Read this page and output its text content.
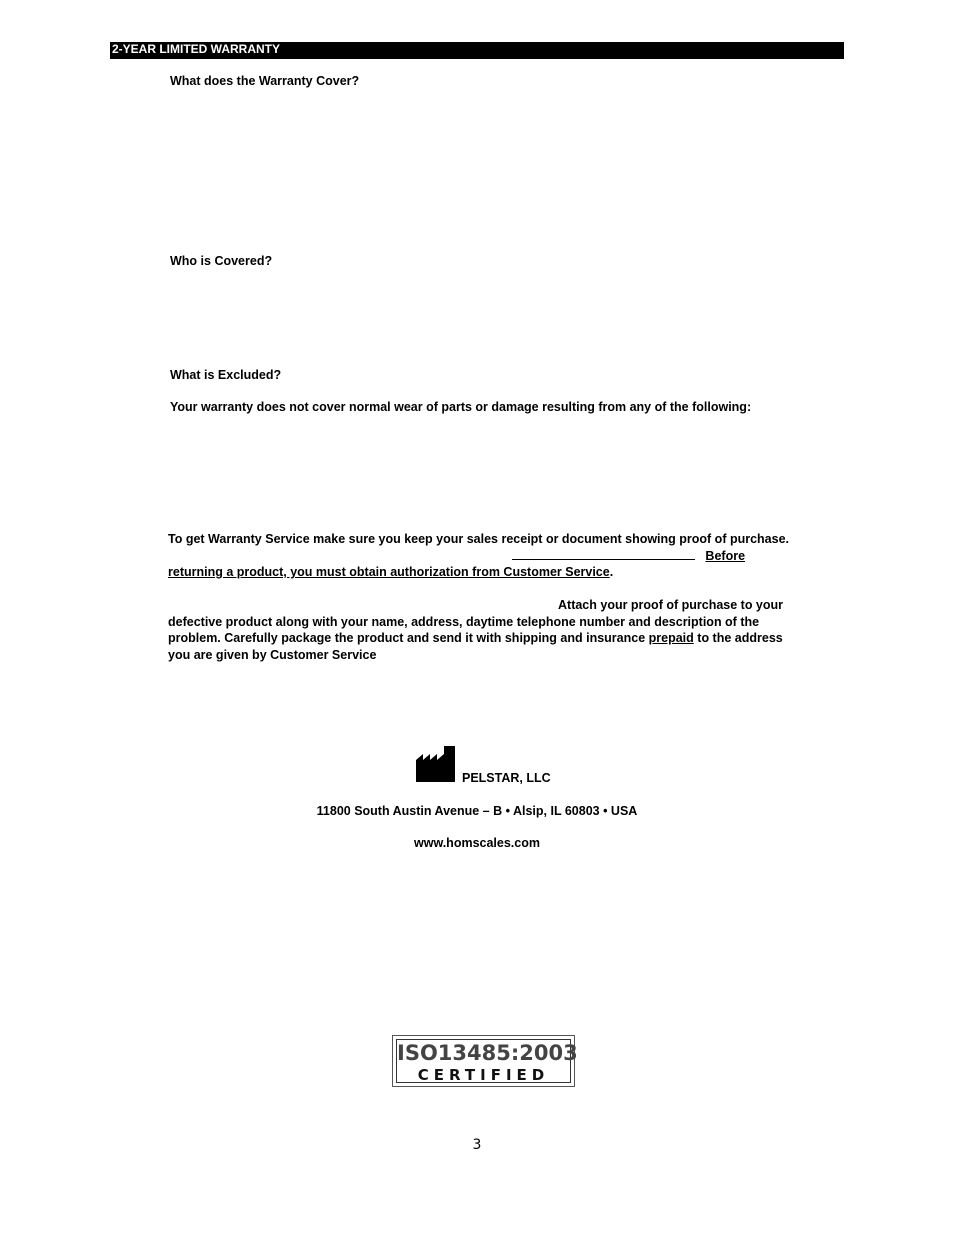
2-YEAR LIMITED WARRANTY
What does the Warranty Cover?
Who is Covered?
What is Excluded?
Your warranty does not cover normal wear of parts or damage resulting from any of the following:
To get Warranty Service make sure you keep your sales receipt or document showing proof of purchase.
Before
returning a product, you must obtain authorization from Customer Service.
Attach your proof of purchase to your
defective product along with your name, address, daytime telephone number and description of the problem. Carefully package the product and send it with shipping and insurance prepaid to the address you are given by Customer Service
PELSTAR, LLC
11800 South Austin Avenue – B • Alsip, IL 60803 • USA
www.homscales.com
ISO13485:2003
CERTIFIED
3
